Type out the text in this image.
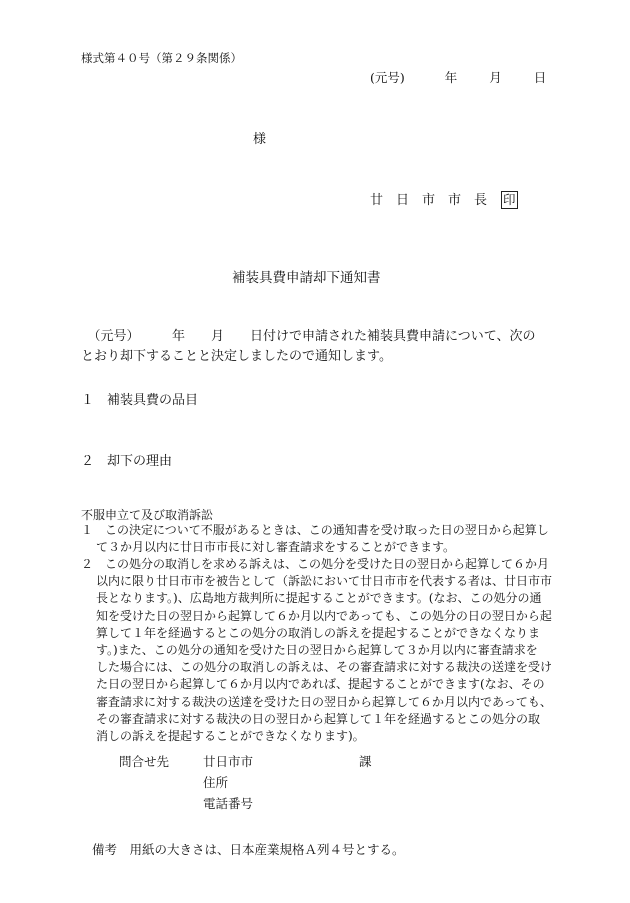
様式第４０号（第２９条関係）
(元号)	年	月	日
様
廿　日　市　市　長 印
補装具費申請却下通知書
　（元号）　　　年　　月　　日付けで申請された補装具費申請について、次の
とおり却下することと決定しましたので通知します。
１　補装具費の品目
２　却下の理由
不服申立て及び取消訴訟
１　この決定について不服があるときは、この通知書を受け取った日の翌日から起算し
て３か月以内に廿日市市長に対し審査請求をすることができます。
２　この処分の取消しを求める訴えは、この処分を受けた日の翌日から起算して６か月
以内に限り廿日市市を被告として（訴訟において廿日市市を代表する者は、廿日市市
長となります。)、広島地方裁判所に提起することができます。(なお、この処分の通
知を受けた日の翌日から起算して６か月以内であっても、この処分の日の翌日から起
算して１年を経過するとこの処分の取消しの訴えを提起することができなくなりま
す。)また、この処分の通知を受けた日の翌日から起算して３か月以内に審査請求を
した場合には、この処分の取消しの訴えは、その審査請求に対する裁決の送達を受け
た日の翌日から起算して６か月以内であれば、提起することができます(なお、その
審査請求に対する裁決の送達を受けた日の翌日から起算して６か月以内であっても、
その審査請求に対する裁決の日の翌日から起算して１年を経過するとこの処分の取
消しの訴えを提起することができなくなります)。
問合せ先	廿日市市	課
住所
電話番号
備考　用紙の大きさは、日本産業規格Ａ列４号とする。
